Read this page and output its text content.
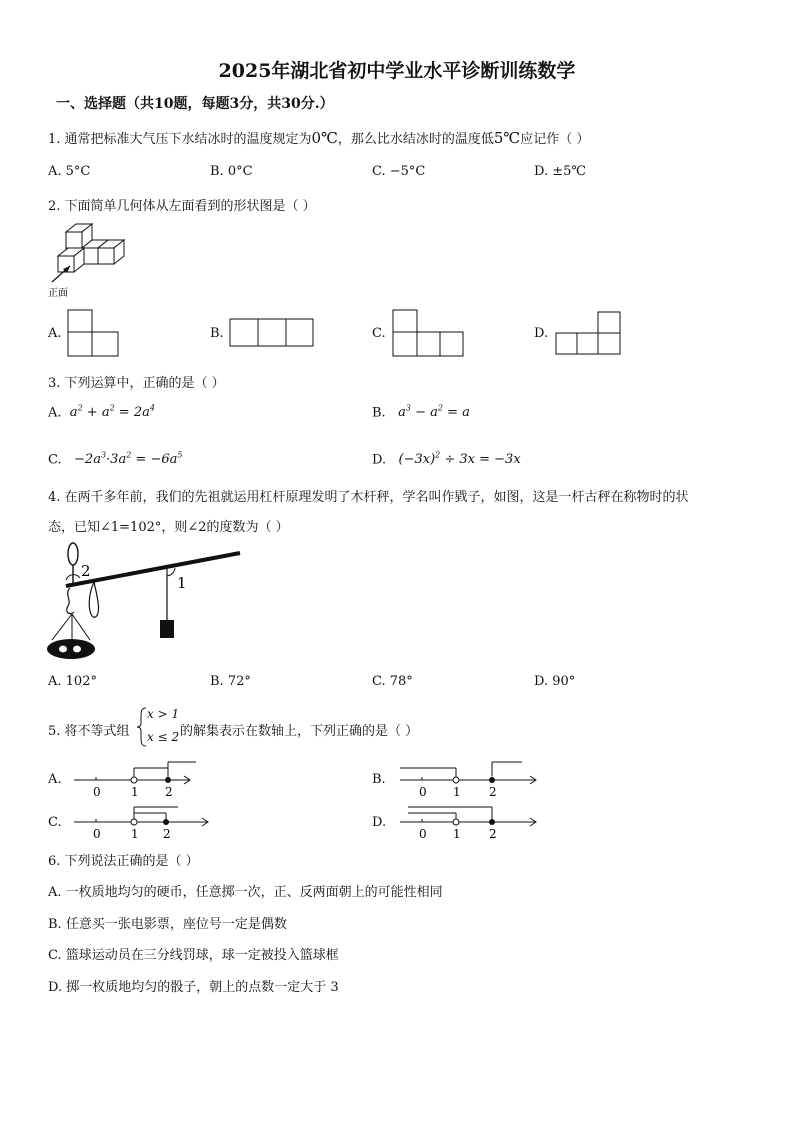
2025年湖北省初中学业水平诊断训练数学
一、选择题（共10题，每题3分，共30分.）
1. 通常把标准大气压下水结冰时的温度规定为0℃，那么比水结冰时的温度低5℃应记作（ ）
A. 5°C	B. 0°C	C. −5°C	D. ±5℃
2. 下面简单几何体从左面看到的形状图是（ ）
正面
A.	B.	C.	D.
3. 下列运算中，正确的是（ ）
A.  $a^2 + a^2 = 2a^4$	B.   $a^3 - a^2 = a$
C.   $-2a^3\cdot 3a^2 = -6a^5$	D.   $(-3x)^2 \div 3x = -3x$
4. 在两千多年前，我们的先祖就运用杠杆原理发明了木杆秤，学名叫作戥子，如图，这是一杆古秤在称物时的状
态，已知∠1=102°，则∠2的度数为（ ）
2
1
A. 102°	B. 72°	C. 78°	D. 90°
5. 将不等式组
x > 1
x ≤ 2 的解集表示在数轴上，下列正确的是（ ）
A.
0	1 2
B.
0 1 2
C.
0	1 2
D.
0 1 2
6. 下列说法正确的是（ ）
A. 一枚质地均匀的硬币，任意掷一次，正、反两面朝上的可能性相同
B. 任意买一张电影票，座位号一定是偶数
C. 篮球运动员在三分线罚球，球一定被投入篮球框
D. 掷一枚质地均匀的骰子，朝上的点数一定大于 3
